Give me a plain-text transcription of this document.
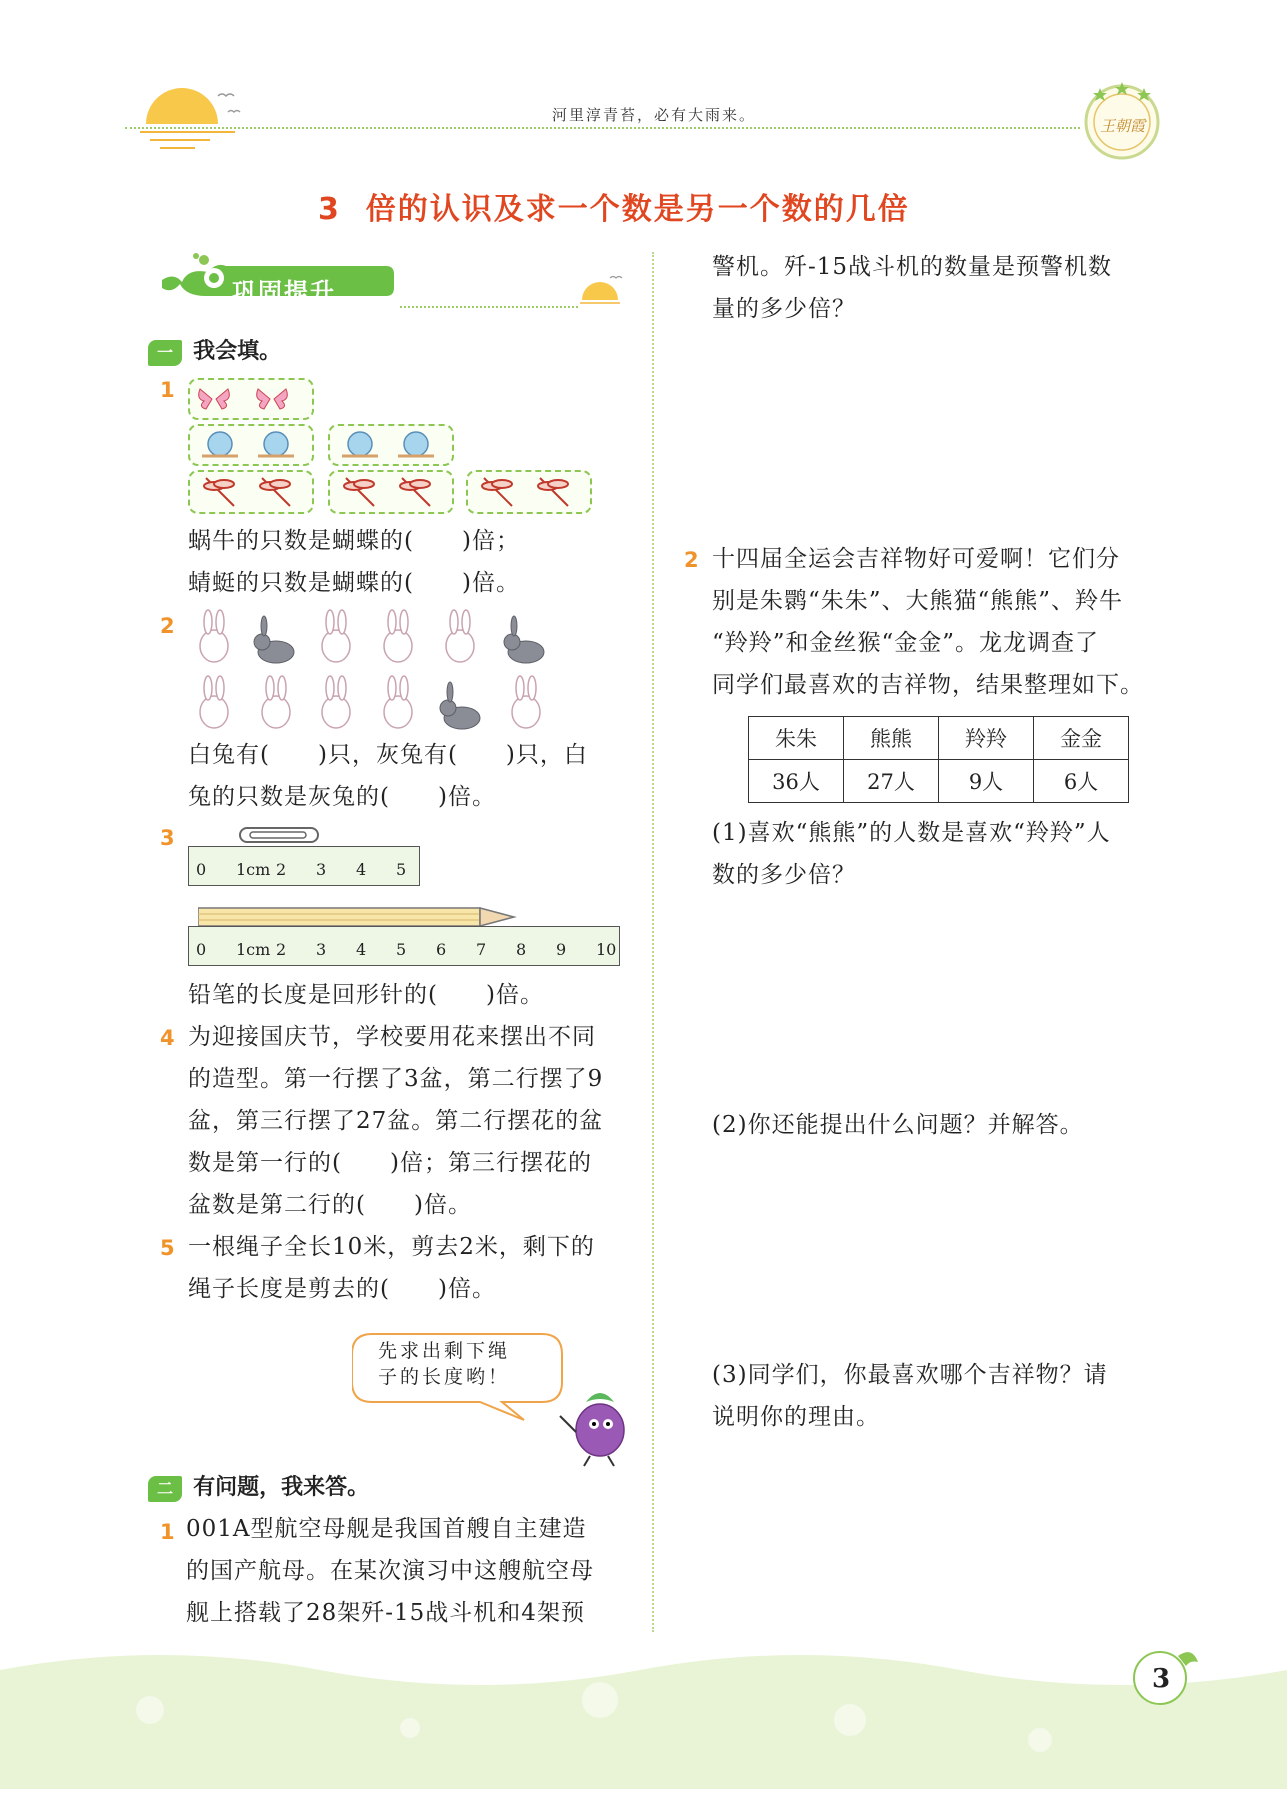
河里淳青苔，必有大雨来。
王朝霞
3  倍的认识及求一个数是另一个数的几倍
巩固提升
一 我会填。
1
蜗牛的只数是蝴蝶的(　　)倍；
蜻蜓的只数是蝴蝶的(　　)倍。
2
白兔有(　　)只，灰兔有(　　)只，白
兔的只数是灰兔的(　　)倍。
3
0 1cm 2 3 4 5
0 1cm 2 3 4 5 6 7 8 9 10
铅笔的长度是回形针的(　　)倍。
4 为迎接国庆节，学校要用花来摆出不同
的造型。第一行摆了3盆，第二行摆了9
盆，第三行摆了27盆。第二行摆花的盆
数是第一行的(　　)倍；第三行摆花的
盆数是第二行的(　　)倍。
5 一根绳子全长10米，剪去2米，剩下的
绳子长度是剪去的(　　)倍。
先求出剩下绳
子的长度哟！
二 有问题，我来答。
1 001A型航空母舰是我国首艘自主建造
的国产航母。在某次演习中这艘航空母
舰上搭载了28架歼-15战斗机和4架预
警机。歼-15战斗机的数量是预警机数
量的多少倍？
2 十四届全运会吉祥物好可爱啊！它们分
别是朱鹮“朱朱”、大熊猫“熊熊”、羚牛
“羚羚”和金丝猴“金金”。龙龙调查了
同学们最喜欢的吉祥物，结果整理如下。
朱朱	熊熊	羚羚	金金
36人	27人	9人	6人
(1)喜欢“熊熊”的人数是喜欢“羚羚”人
数的多少倍？
(2)你还能提出什么问题？并解答。
(3)同学们，你最喜欢哪个吉祥物？请
说明你的理由。
3
